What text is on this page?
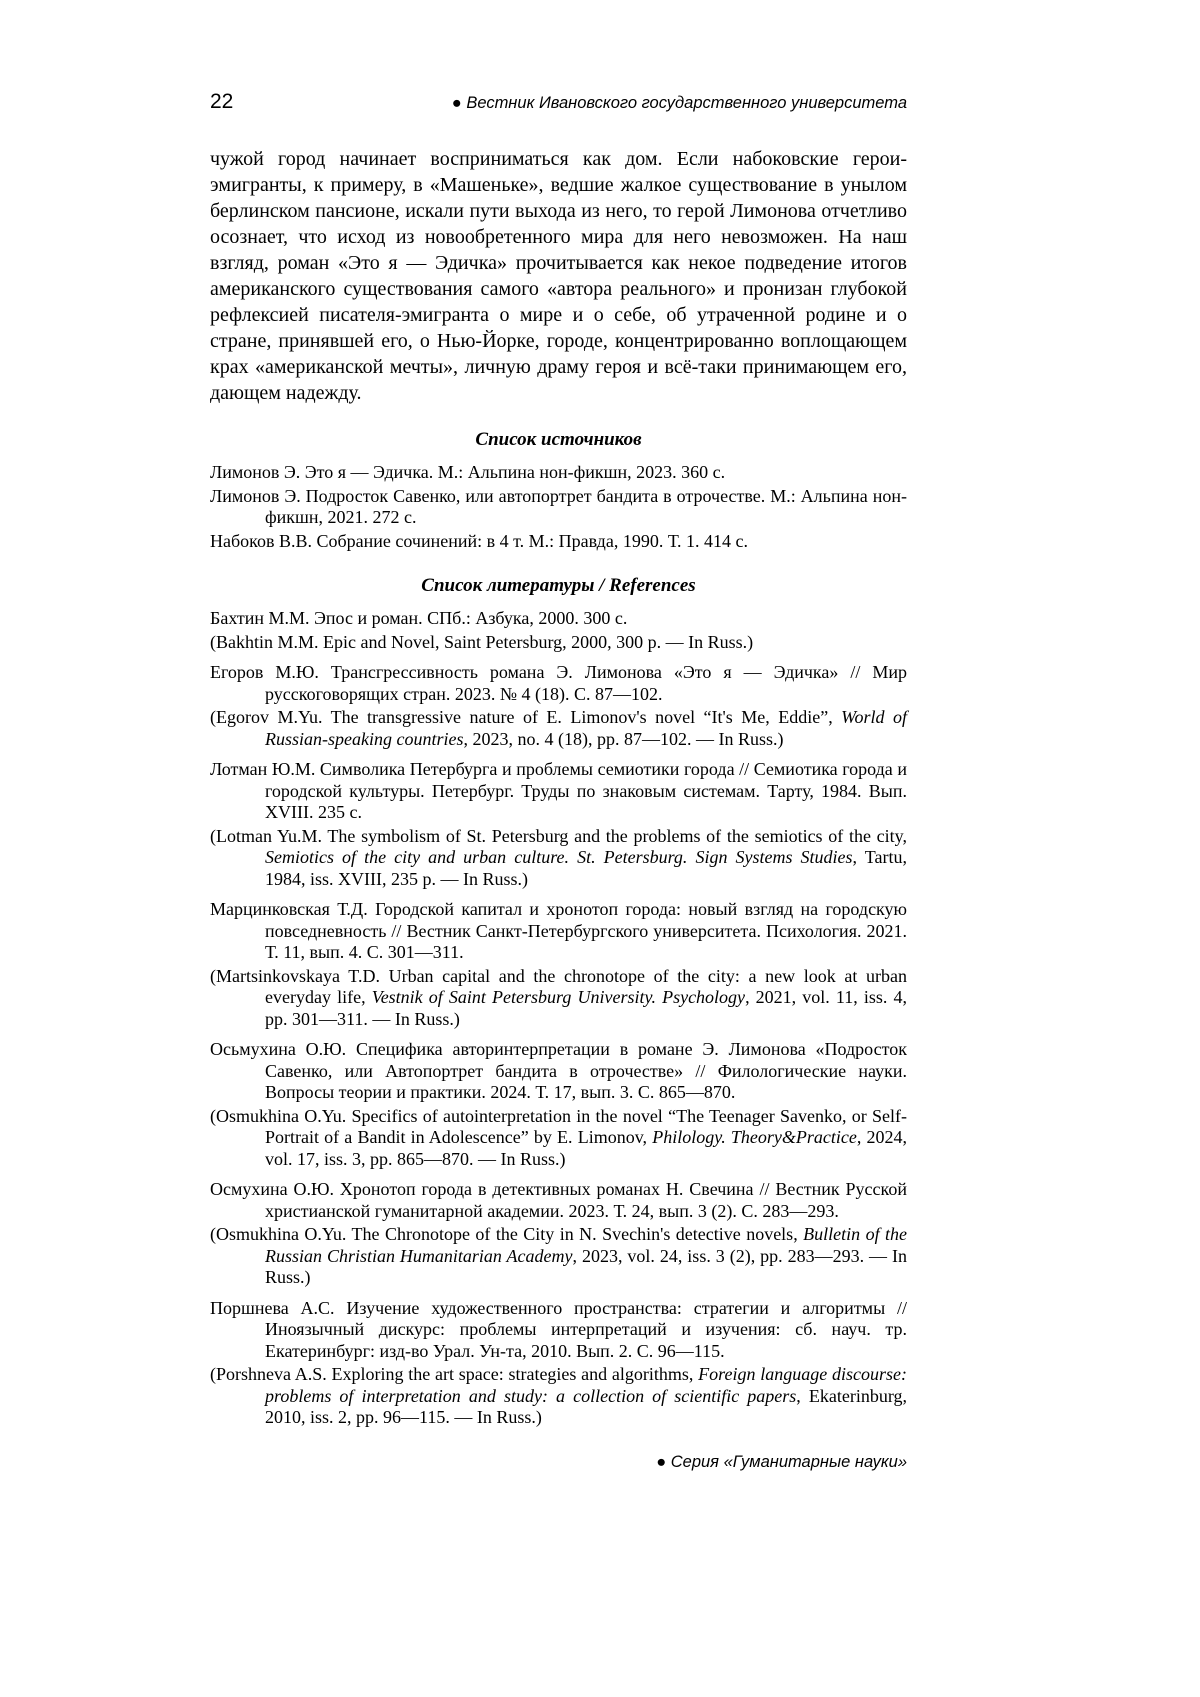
22	● Вестник Ивановского государственного университета

чужой город начинает восприниматься как дом. Если набоковские герои-эмигранты, к примеру, в «Машеньке», ведшие жалкое существование в унылом берлинском пансионе, искали пути выхода из него, то герой Лимонова отчетливо осознает, что исход из новообретенного мира для него невозможен. На наш взгляд, роман «Это я — Эдичка» прочитывается как некое подведение итогов американского существования самого «автора реального» и пронизан глубокой рефлексией писателя-эмигранта о мире и о себе, об утраченной родине и о стране, принявшей его, о Нью-Йорке, городе, концентрированно воплощающем крах «американской мечты», личную драму героя и всё-таки принимающем его, дающем надежду.

Список источников
Лимонов Э. Это я — Эдичка. М.: Альпина нон-фикшн, 2023. 360 с.
Лимонов Э. Подросток Савенко, или автопортрет бандита в отрочестве. М.: Альпина нон-фикшн, 2021. 272 с.
Набоков В.В. Собрание сочинений: в 4 т. М.: Правда, 1990. Т. 1. 414 с.
Список литературы / References
Бахтин М.М. Эпос и роман. СПб.: Азбука, 2000. 300 с.
(Bakhtin M.M. Epic and Novel, Saint Petersburg, 2000, 300 p. — In Russ.)
Егоров М.Ю. Трансгрессивность романа Э. Лимонова «Это я — Эдичка» // Мир русскоговорящих стран. 2023. № 4 (18). С. 87—102.
(Egorov M.Yu. The transgressive nature of E. Limonov's novel “It's Me, Eddie”, World of Russian-speaking countries, 2023, no. 4 (18), pp. 87—102. — In Russ.)
Лотман Ю.М. Символика Петербурга и проблемы семиотики города // Семиотика города и городской культуры. Петербург. Труды по знаковым системам. Тарту, 1984. Вып. XVIII. 235 с.
(Lotman Yu.M. The symbolism of St. Petersburg and the problems of the semiotics of the city, Semiotics of the city and urban culture. St. Petersburg. Sign Systems Studies, Tartu, 1984, iss. XVIII, 235 p. — In Russ.)
Марцинковская Т.Д. Городской капитал и хронотоп города: новый взгляд на городскую повседневность // Вестник Санкт-Петербургского университета. Психология. 2021. Т. 11, вып. 4. С. 301—311.
(Martsinkovskaya T.D. Urban capital and the chronotope of the city: a new look at urban everyday life, Vestnik of Saint Petersburg University. Psychology, 2021, vol. 11, iss. 4, pp. 301—311. — In Russ.)
Осьмухина О.Ю. Специфика авторинтерпретации в романе Э. Лимонова «Подросток Савенко, или Автопортрет бандита в отрочестве» // Филологические науки. Вопросы теории и практики. 2024. Т. 17, вып. 3. С. 865—870.
(Osmukhina O.Yu. Specifics of autointerpretation in the novel “The Teenager Savenko, or Self-Portrait of a Bandit in Adolescence” by E. Limonov, Philology. Theory&Practice, 2024, vol. 17, iss. 3, pp. 865—870. — In Russ.)
Осмухина О.Ю. Хронотоп города в детективных романах Н. Свечина // Вестник Русской христианской гуманитарной академии. 2023. Т. 24, вып. 3 (2). С. 283—293.
(Osmukhina O.Yu. The Chronotope of the City in N. Svechin's detective novels, Bulletin of the Russian Christian Humanitarian Academy, 2023, vol. 24, iss. 3 (2), pp. 283—293. — In Russ.)
Поршнева А.С. Изучение художественного пространства: стратегии и алгоритмы // Иноязычный дискурс: проблемы интерпретаций и изучения: сб. науч. тр. Екатеринбург: изд-во Урал. Ун-та, 2010. Вып. 2. С. 96—115.
(Porshneva A.S. Exploring the art space: strategies and algorithms, Foreign language discourse: problems of interpretation and study: a collection of scientific papers, Ekaterinburg, 2010, iss. 2, pp. 96—115. — In Russ.)
● Серия «Гуманитарные науки»
